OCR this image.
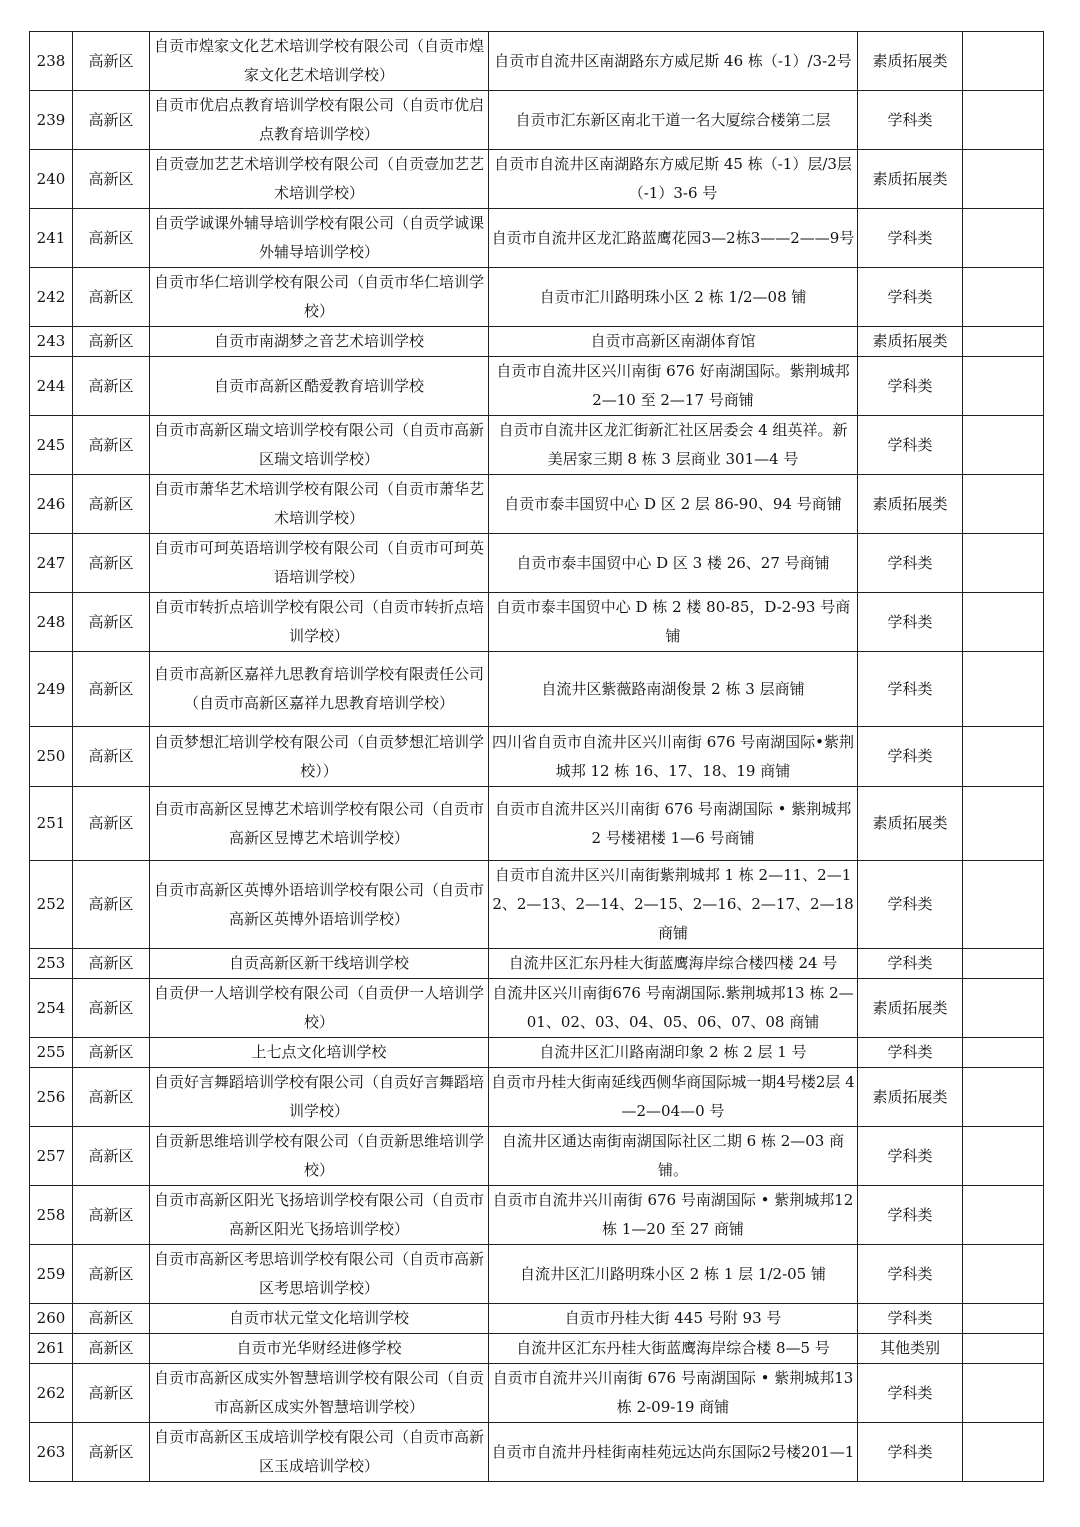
238	高新区	自贡市煌家文化艺术培训学校有限公司（自贡市煌家文化艺术培训学校）	自贡市自流井区南湖路东方威尼斯 46 栋（-1）/3-2号	素质拓展类	
239	高新区	自贡市优启点教育培训学校有限公司（自贡市优启点教育培训学校）	自贡市汇东新区南北干道一名大厦综合楼第二层	学科类	
240	高新区	自贡壹加艺艺术培训学校有限公司（自贡壹加艺艺术培训学校）	自贡市自流井区南湖路东方威尼斯 45 栋（-1）层/3层（-1）3-6 号	素质拓展类	
241	高新区	自贡学诚课外辅导培训学校有限公司（自贡学诚课外辅导培训学校）	自贡市自流井区龙汇路蓝鹰花园3—2栋3——2——9号	学科类	
242	高新区	自贡市华仁培训学校有限公司（自贡市华仁培训学校）	自贡市汇川路明珠小区 2 栋 1/2—08 铺	学科类	
243	高新区	自贡市南湖梦之音艺术培训学校	自贡市高新区南湖体育馆	素质拓展类	
244	高新区	自贡市高新区酷爱教育培训学校	自贡市自流井区兴川南街 676 好南湖国际。紫荆城邦 2—10 至 2—17 号商铺	学科类	
245	高新区	自贡市高新区瑞文培训学校有限公司（自贡市高新区瑞文培训学校）	自贡市自流井区龙汇街新汇社区居委会 4 组英祥。新美居家三期 8 栋 3 层商业 301—4 号	学科类	
246	高新区	自贡市萧华艺术培训学校有限公司（自贡市萧华艺术培训学校）	自贡市泰丰国贸中心 D 区 2 层 86-90、94 号商铺	素质拓展类	
247	高新区	自贡市可珂英语培训学校有限公司（自贡市可珂英语培训学校）	自贡市泰丰国贸中心 D 区 3 楼 26、27 号商铺	学科类	
248	高新区	自贡市转折点培训学校有限公司（自贡市转折点培训学校）	自贡市泰丰国贸中心 D 栋 2 楼 80-85，D-2-93 号商铺	学科类	
249	高新区	自贡市高新区嘉祥九思教育培训学校有限责任公司（自贡市高新区嘉祥九思教育培训学校）	自流井区紫薇路南湖俊景 2 栋 3 层商铺	学科类	
250	高新区	自贡梦想汇培训学校有限公司（自贡梦想汇培训学校））	四川省自贡市自流井区兴川南街 676 号南湖国际•紫荆城邦 12 栋 16、17、18、19 商铺	学科类	
251	高新区	自贡市高新区昱博艺术培训学校有限公司（自贡市高新区昱博艺术培训学校）	自贡市自流井区兴川南街 676 号南湖国际 • 紫荆城邦 2 号楼裙楼 1—6 号商铺	素质拓展类	
252	高新区	自贡市高新区英博外语培训学校有限公司（自贡市高新区英博外语培训学校）	自贡市自流井区兴川南街紫荆城邦 1 栋 2—11、2—12、2—13、2—14、2—15、2—16、2—17、2—18 商铺	学科类	
253	高新区	自贡高新区新干线培训学校	自流井区汇东丹桂大街蓝鹰海岸综合楼四楼 24 号	学科类	
254	高新区	自贡伊一人培训学校有限公司（自贡伊一人培训学校）	自流井区兴川南街676 号南湖国际.紫荆城邦13 栋 2—01、02、03、04、05、06、07、08 商铺	素质拓展类	
255	高新区	上七点文化培训学校	自流井区汇川路南湖印象 2 栋 2 层 1 号	学科类	
256	高新区	自贡好言舞蹈培训学校有限公司（自贡好言舞蹈培训学校）	自贡市丹桂大街南延线西侧华商国际城一期4号楼2层 4—2—04—0 号	素质拓展类	
257	高新区	自贡新思维培训学校有限公司（自贡新思维培训学校）	自流井区通达南街南湖国际社区二期 6 栋 2—03 商铺。	学科类	
258	高新区	自贡市高新区阳光飞扬培训学校有限公司（自贡市高新区阳光飞扬培训学校）	自贡市自流井兴川南街 676 号南湖国际 • 紫荆城邦12 栋 1—20 至 27 商铺	学科类	
259	高新区	自贡市高新区考思培训学校有限公司（自贡市高新区考思培训学校）	自流井区汇川路明珠小区 2 栋 1 层 1/2-05 铺	学科类	
260	高新区	自贡市状元堂文化培训学校	自贡市丹桂大街 445 号附 93 号	学科类	
261	高新区	自贡市光华财经进修学校	自流井区汇东丹桂大街蓝鹰海岸综合楼 8—5 号	其他类别	
262	高新区	自贡市高新区成实外智慧培训学校有限公司（自贡市高新区成实外智慧培训学校）	自贡市自流井兴川南街 676 号南湖国际 • 紫荆城邦13 栋 2-09-19 商铺	学科类	
263	高新区	自贡市高新区玉成培训学校有限公司（自贡市高新区玉成培训学校）	自贡市自流井丹桂街南桂苑远达尚东国际2号楼201—1	学科类	
